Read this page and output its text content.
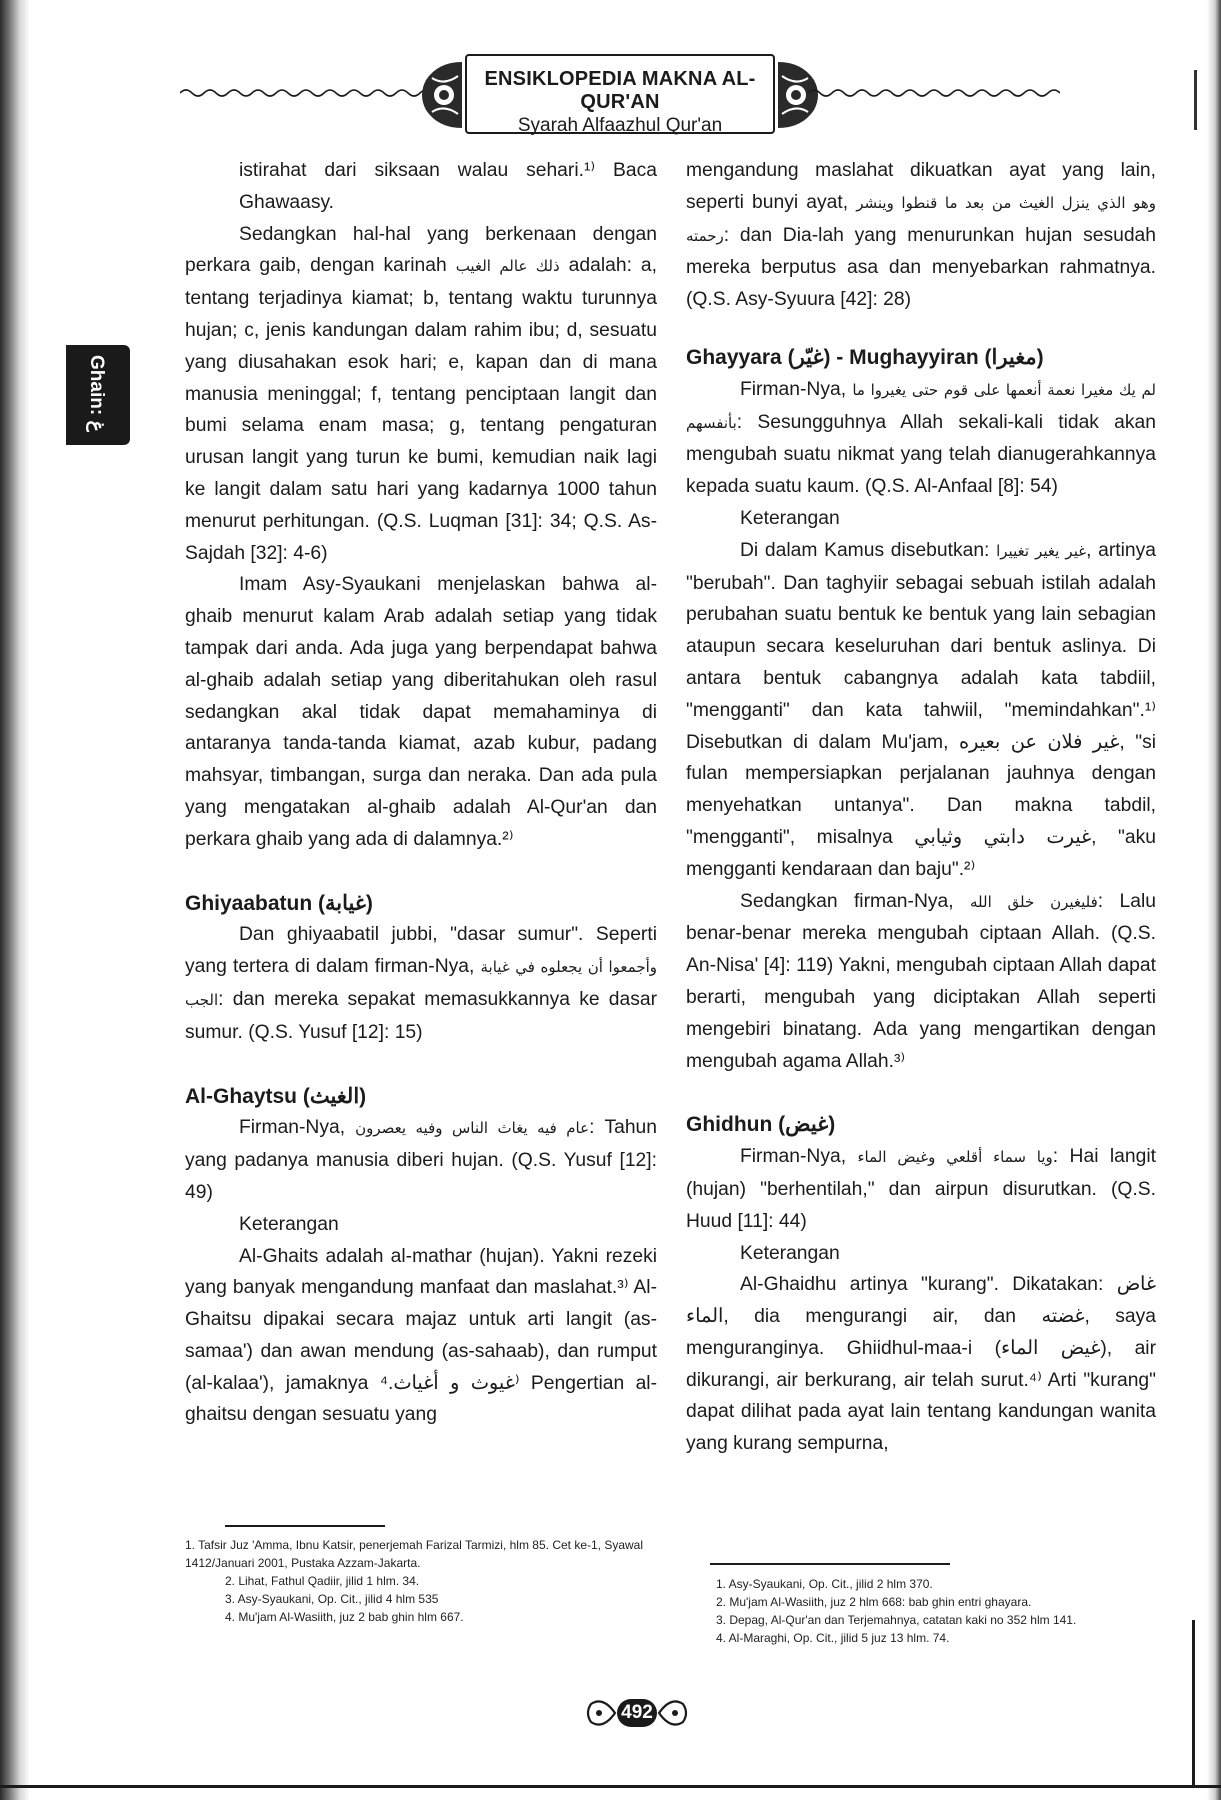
Ghain: غ
ENSIKLOPEDIA MAKNA AL-QUR'AN
Syarah Alfaazhul Qur'an

istirahat dari siksaan walau sehari.¹⁾ Baca Ghawaasy.

Sedangkan hal-hal yang berkenaan dengan perkara gaib, dengan karinah ذلك عالم الغيب adalah: a, tentang terjadinya kiamat; b, tentang waktu turunnya hujan; c, jenis kandungan dalam rahim ibu; d, sesuatu yang diusahakan esok hari; e, kapan dan di mana manusia meninggal; f, tentang penciptaan langit dan bumi selama enam masa; g, tentang pengaturan urusan langit yang turun ke bumi, kemudian naik lagi ke langit dalam satu hari yang kadarnya 1000 tahun menurut perhitungan. (Q.S. Luqman [31]: 34; Q.S. As-Sajdah [32]: 4-6)

Imam Asy-Syaukani menjelaskan bahwa al-ghaib menurut kalam Arab adalah setiap yang tidak tampak dari anda. Ada juga yang berpendapat bahwa al-ghaib adalah setiap yang diberitahukan oleh rasul sedangkan akal tidak dapat memahaminya di antaranya tanda-tanda kiamat, azab kubur, padang mahsyar, timbangan, surga dan neraka. Dan ada pula yang mengatakan al-ghaib adalah Al-Qur'an dan perkara ghaib yang ada di dalamnya.²⁾

Ghiyaabatun (غيابة)

Dan ghiyaabatil jubbi, "dasar sumur". Seperti yang tertera di dalam firman-Nya, وأجمعوا أن يجعلوه في غيابة الجب: dan mereka sepakat memasukkannya ke dasar sumur. (Q.S. Yusuf [12]: 15)

Al-Ghaytsu (الغيث)

Firman-Nya, عام فيه يغاث الناس وفيه يعصرون: Tahun yang padanya manusia diberi hujan. (Q.S. Yusuf [12]: 49)

Keterangan

Al-Ghaits adalah al-mathar (hujan). Yakni rezeki yang banyak mengandung manfaat dan maslahat.³⁾ Al-Ghaitsu dipakai secara majaz untuk arti langit (as-samaa') dan awan mendung (as-sahaab), dan rumput (al-kalaa'), jamaknya غيوث و أغياث.⁴⁾ Pengertian al-ghaitsu dengan sesuatu yang

mengandung maslahat dikuatkan ayat yang lain, seperti bunyi ayat, وهو الذي ينزل الغيث من بعد ما قنطوا وينشر رحمته: dan Dia-lah yang menurunkan hujan sesudah mereka berputus asa dan menyebarkan rahmatnya. (Q.S. Asy-Syuura [42]: 28)

Ghayyara (غيّر) - Mughayyiran (مغيرا)

Firman-Nya, لم يك مغيرا نعمة أنعمها على قوم حتى يغيروا ما بأنفسهم: Sesungguhnya Allah sekali-kali tidak akan mengubah suatu nikmat yang telah dianugerahkannya kepada suatu kaum. (Q.S. Al-Anfaal [8]: 54)

Keterangan

Di dalam Kamus disebutkan: غير يغير تغييرا, artinya "berubah". Dan taghyiir sebagai sebuah istilah adalah perubahan suatu bentuk ke bentuk yang lain sebagian ataupun secara keseluruhan dari bentuk aslinya. Di antara bentuk cabangnya adalah kata tabdiil, "mengganti" dan kata tahwiil, "memindahkan".¹⁾ Disebutkan di dalam Mu'jam, غير فلان عن بعيره, "si fulan mempersiapkan perjalanan jauhnya dengan menyehatkan untanya". Dan makna tabdil, "mengganti", misalnya غيرت دابتي وثيابي, "aku mengganti kendaraan dan baju".²⁾

Sedangkan firman-Nya, فليغيرن خلق الله: Lalu benar-benar mereka mengubah ciptaan Allah. (Q.S. An-Nisa' [4]: 119) Yakni, mengubah ciptaan Allah dapat berarti, mengubah yang diciptakan Allah seperti mengebiri binatang. Ada yang mengartikan dengan mengubah agama Allah.³⁾

Ghidhun (غيض)

Firman-Nya, ويا سماء أقلعي وغيض الماء: Hai langit (hujan) "berhentilah," dan airpun disurutkan. (Q.S. Huud [11]: 44)

Keterangan

Al-Ghaidhu artinya "kurang". Dikatakan: غاض الماء, dia mengurangi air, dan غضته, saya menguranginya. Ghiidhul-maa-i (غيض الماء), air dikurangi, air berkurang, air telah surut.⁴⁾ Arti "kurang" dapat dilihat pada ayat lain tentang kandungan wanita yang kurang sempurna,

1. Tafsir Juz 'Amma, Ibnu Katsir, penerjemah Farizal Tarmizi, hlm 85. Cet ke-1, Syawal 1412/Januari 2001, Pustaka Azzam-Jakarta.
2. Lihat, Fathul Qadiir, jilid 1 hlm. 34.
3. Asy-Syaukani, Op. Cit., jilid 4 hlm 535
4. Mu'jam Al-Wasiith, juz 2 bab ghin hlm 667.
1. Asy-Syaukani, Op. Cit., jilid 2 hlm 370.
2. Mu'jam Al-Wasiith, juz 2 hlm 668: bab ghin entri ghayara.
3. Depag, Al-Qur'an dan Terjemahnya, catatan kaki no 352 hlm 141.
4. Al-Maraghi, Op. Cit., jilid 5 juz 13 hlm. 74.
492
